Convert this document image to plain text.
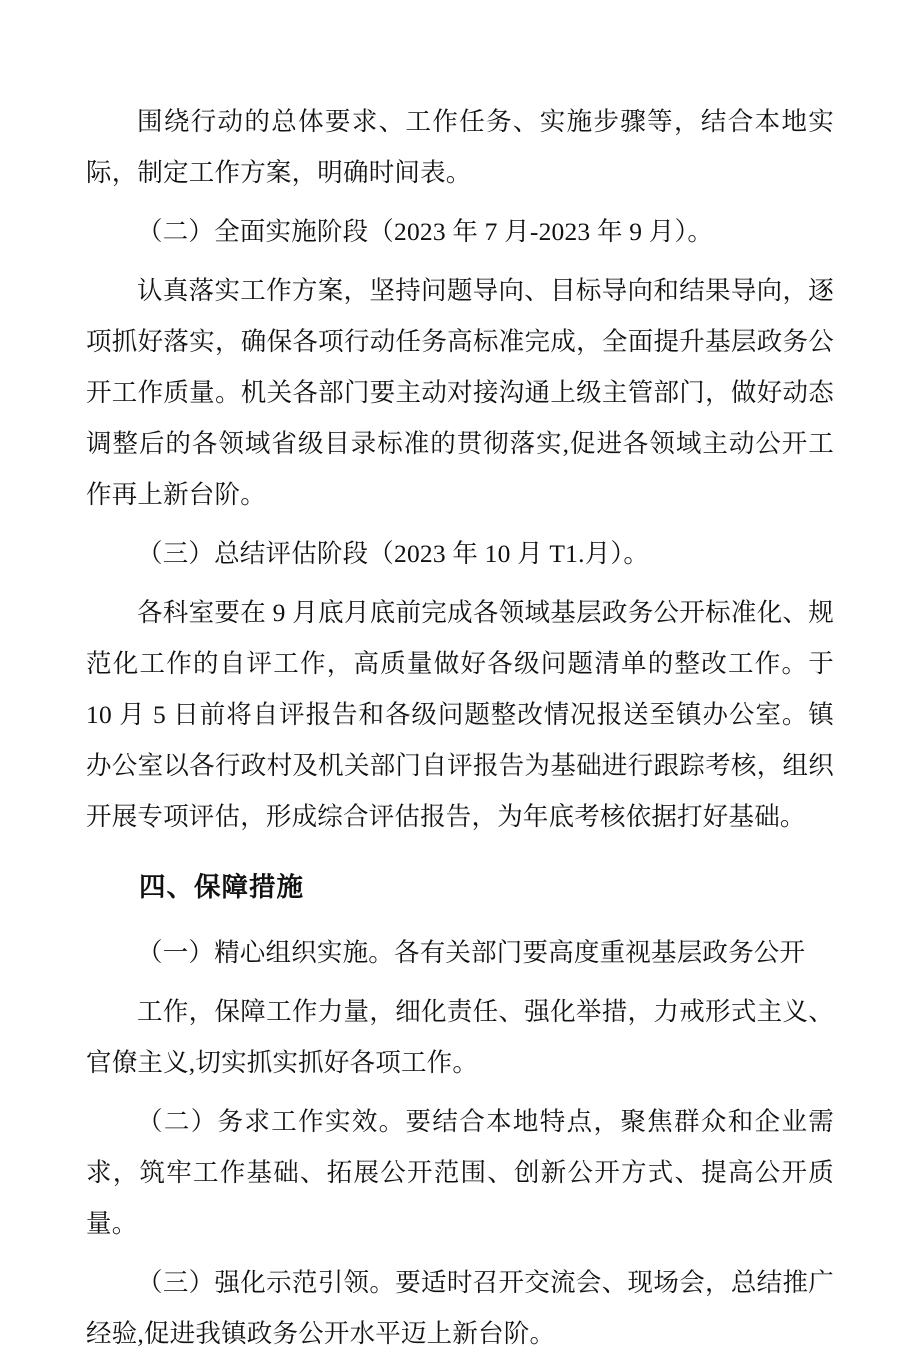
围绕行动的总体要求、工作任务、实施步骤等，结合本地实际，制定工作方案，明确时间表。

（二）全面实施阶段（2023 年 7 月-2023 年 9 月）。

认真落实工作方案，坚持问题导向、目标导向和结果导向，逐项抓好落实，确保各项行动任务高标准完成，全面提升基层政务公开工作质量。机关各部门要主动对接沟通上级主管部门，做好动态调整后的各领域省级目录标准的贯彻落实,促进各领域主动公开工作再上新台阶。

（三）总结评估阶段（2023 年 10 月 T1.月）。

各科室要在 9 月底月底前完成各领域基层政务公开标准化、规范化工作的自评工作，高质量做好各级问题清单的整改工作。于 10 月 5 日前将自评报告和各级问题整改情况报送至镇办公室。镇办公室以各行政村及机关部门自评报告为基础进行跟踪考核，组织开展专项评估，形成综合评估报告，为年底考核依据打好基础。

四、保障措施

（一）精心组织实施。各有关部门要高度重视基层政务公开

工作，保障工作力量，细化责任、强化举措，力戒形式主义、官僚主义,切实抓实抓好各项工作。

（二）务求工作实效。要结合本地特点，聚焦群众和企业需求，筑牢工作基础、拓展公开范围、创新公开方式、提高公开质量。

（三）强化示范引领。要适时召开交流会、现场会，总结推广经验,促进我镇政务公开水平迈上新台阶。
